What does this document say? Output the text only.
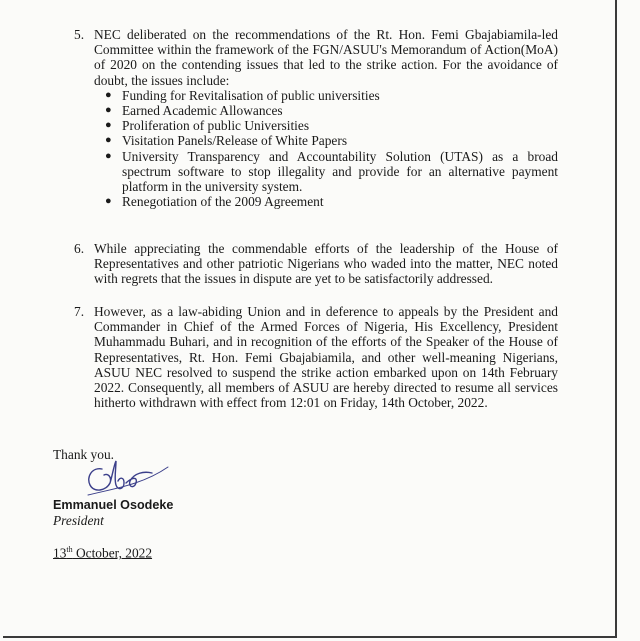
5. NEC deliberated on the recommendations of the Rt. Hon. Femi Gbajabiamila-led Committee within the framework of the FGN/ASUU's Memorandum of Action(MoA) of 2020 on the contending issues that led to the strike action. For the avoidance of doubt, the issues include:
● Funding for Revitalisation of public universities
● Earned Academic Allowances
● Proliferation of public Universities
● Visitation Panels/Release of White Papers
● University Transparency and Accountability Solution (UTAS) as a broad spectrum software to stop illegality and provide for an alternative payment platform in the university system.
● Renegotiation of the 2009 Agreement
6. While appreciating the commendable efforts of the leadership of the House of Representatives and other patriotic Nigerians who waded into the matter, NEC noted with regrets that the issues in dispute are yet to be satisfactorily addressed.
7. However, as a law-abiding Union and in deference to appeals by the President and Commander in Chief of the Armed Forces of Nigeria, His Excellency, President Muhammadu Buhari, and in recognition of the efforts of the Speaker of the House of Representatives, Rt. Hon. Femi Gbajabiamila, and other well-meaning Nigerians, ASUU NEC resolved to suspend the strike action embarked upon on 14th February 2022. Consequently, all members of ASUU are hereby directed to resume all services hitherto withdrawn with effect from 12:01 on Friday, 14th October, 2022.
Thank you.
Emmanuel Osodeke
President
13th October, 2022
